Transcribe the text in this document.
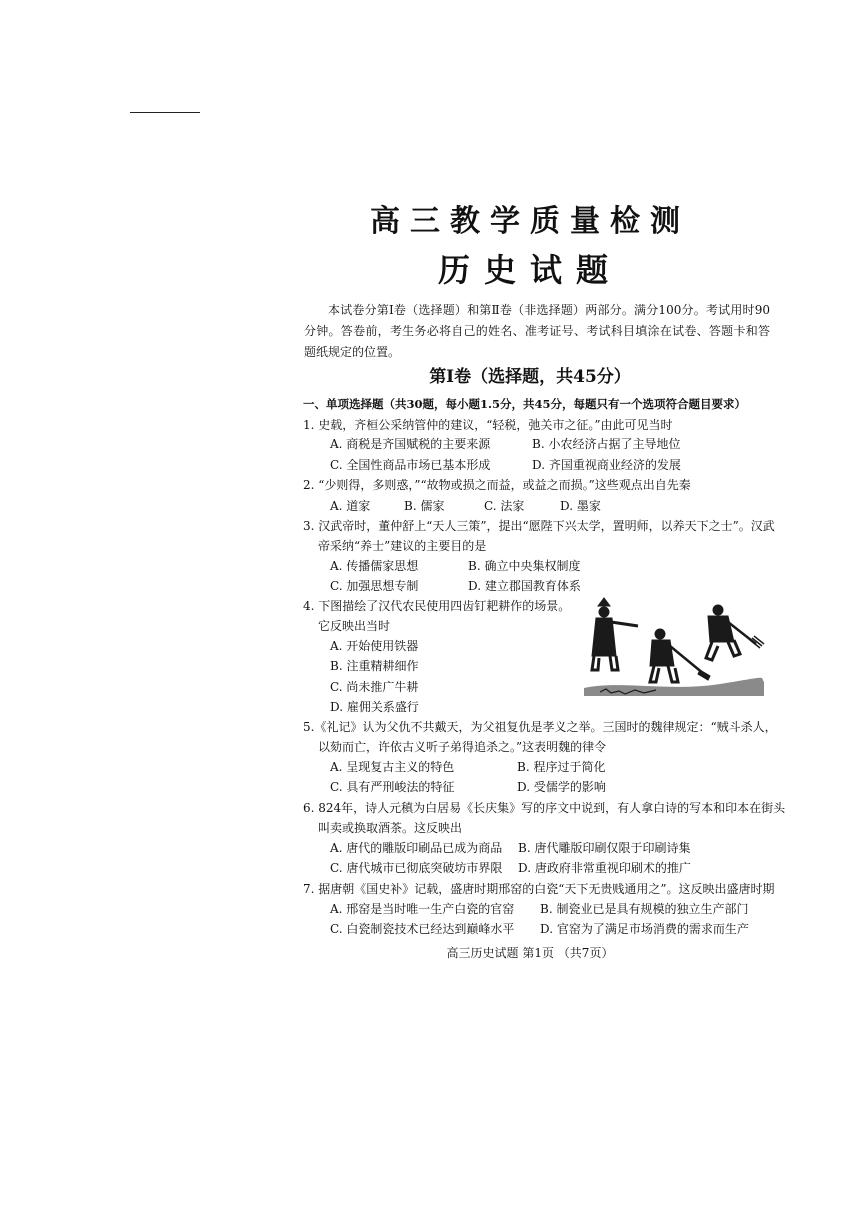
高三教学质量检测
历史试题
本试卷分第Ⅰ卷（选择题）和第Ⅱ卷（非选择题）两部分。满分100分。考试用时90分钟。答卷前，考生务必将自己的姓名、准考证号、考试科目填涂在试卷、答题卡和答题纸规定的位置。
第Ⅰ卷（选择题，共45分）
一、单项选择题（共30题，每小题1.5分，共45分，每题只有一个选项符合题目要求）
1. 史载，齐桓公采纳管仲的建议，“轻税，弛关市之征。”由此可见当时
A. 商税是齐国赋税的主要来源	B. 小农经济占据了主导地位
C. 全国性商品市场已基本形成	D. 齐国重视商业经济的发展
2. “少则得，多则惑，”“故物或损之而益，或益之而损。”这些观点出自先秦
A. 道家	B. 儒家	C. 法家	D. 墨家
3. 汉武帝时，董仲舒上“天人三策”，提出“愿陛下兴太学，置明师，以养天下之士”。汉武
帝采纳“养士”建议的主要目的是
A. 传播儒家思想	B. 确立中央集权制度
C. 加强思想专制	D. 建立郡国教育体系
4. 下图描绘了汉代农民使用四齿钉耙耕作的场景。
它反映出当时
A. 开始使用铁器
B. 注重精耕细作
C. 尚未推广牛耕
D. 雇佣关系盛行
5.《礼记》认为父仇不共戴天，为父祖复仇是孝义之举。三国时的魏律规定：“贼斗杀人，
以劾而亡，许依古义听子弟得追杀之。”这表明魏的律令
A. 呈现复古主义的特色	B. 程序过于简化
C. 具有严刑峻法的特征	D. 受儒学的影响
6. 824年，诗人元稹为白居易《长庆集》写的序文中说到，有人拿白诗的写本和印本在街头
叫卖或换取酒茶。这反映出
A. 唐代的雕版印刷品已成为商品 B. 唐代雕版印刷仅限于印刷诗集
C. 唐代城市已彻底突破坊市界限 D. 唐政府非常重视印刷术的推广
7. 据唐朝《国史补》记载，盛唐时期邢窑的白瓷“天下无贵贱通用之”。这反映出盛唐时期
A. 邢窑是当时唯一生产白瓷的官窑 B. 制瓷业已是具有规模的独立生产部门
C. 白瓷制瓷技术已经达到巅峰水平 D. 官窑为了满足市场消费的需求而生产
高三历史试题 第1页 （共7页）
